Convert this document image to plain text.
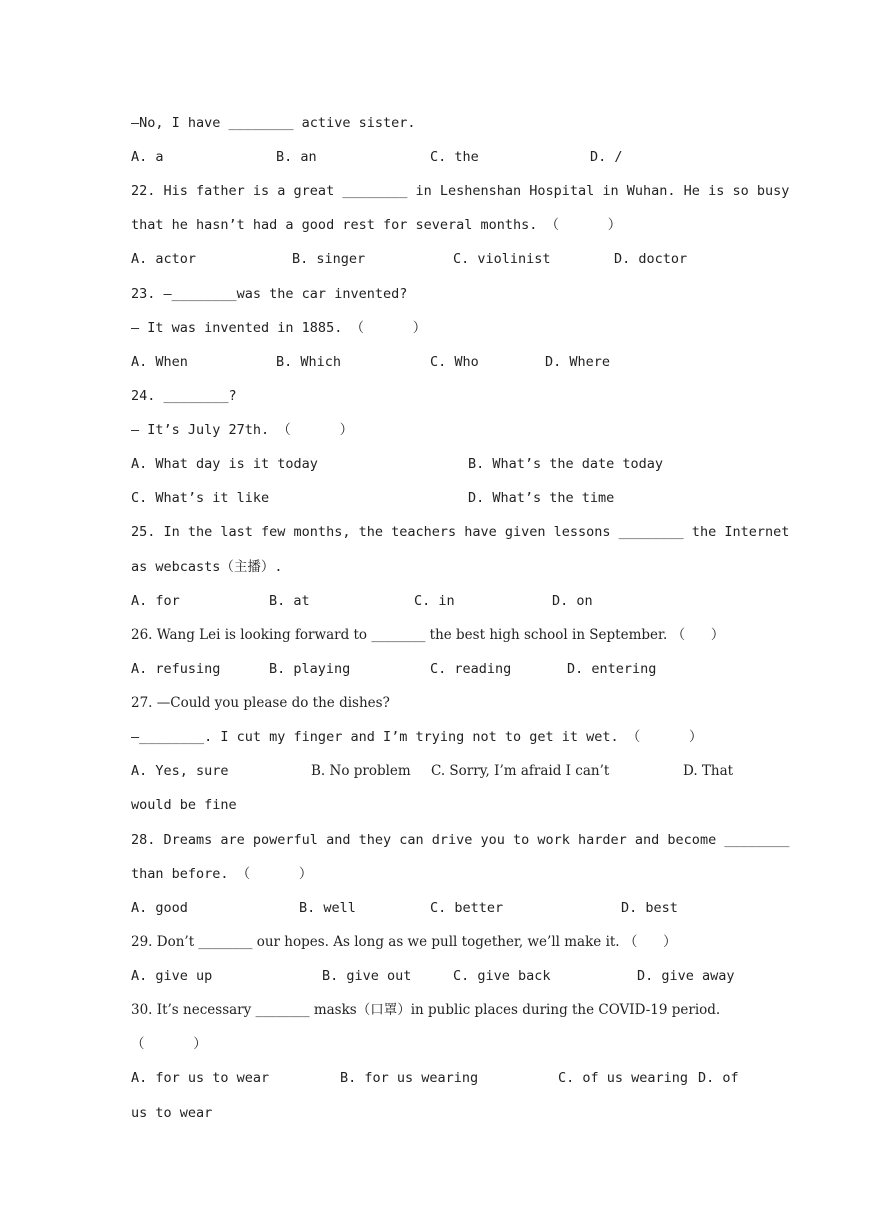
—No, I have ________ active sister.
A. a	B. an	C. the	D. /
22. His father is a great ________ in Leshenshan Hospital in Wuhan. He is so busy
that he hasn’t had a good rest for several months. （      ）
A. actor	B. singer	C. violinist	D. doctor
23. —________was the car invented?
— It was invented in 1885. （      ）
A. When	B. Which	C. Who	D. Where
24. ________?
— It’s July 27th. （      ）
A. What day is it today	B. What’s the date today
C. What’s it like	D. What’s the time
25. In the last few months, the teachers have given lessons ________ the Internet
as webcasts（主播）.
A. for	B. at	C. in	D. on
26. Wang Lei is looking forward to ________ the best high school in September. （      ）
A. refusing	B. playing	C. reading	D. entering
27. —Could you please do the dishes?
—________. I cut my finger and I’m trying not to get it wet. （      ）
A. Yes, sure	B. No problem C. Sorry, I’m afraid I can’t	D. That
would be fine
28. Dreams are powerful and they can drive you to work harder and become ________
than before. （      ）
A. good	B. well	C. better	D. best
29. Don’t ________ our hopes. As long as we pull together, we’ll make it. （      ）
A. give up	B. give out	C. give back	D. give away
30. It’s necessary ________ masks（口罩）in public places during the COVID-19 period.
（      ）
A. for us to wear	B. for us wearing	C. of us wearing D. of
us to wear
